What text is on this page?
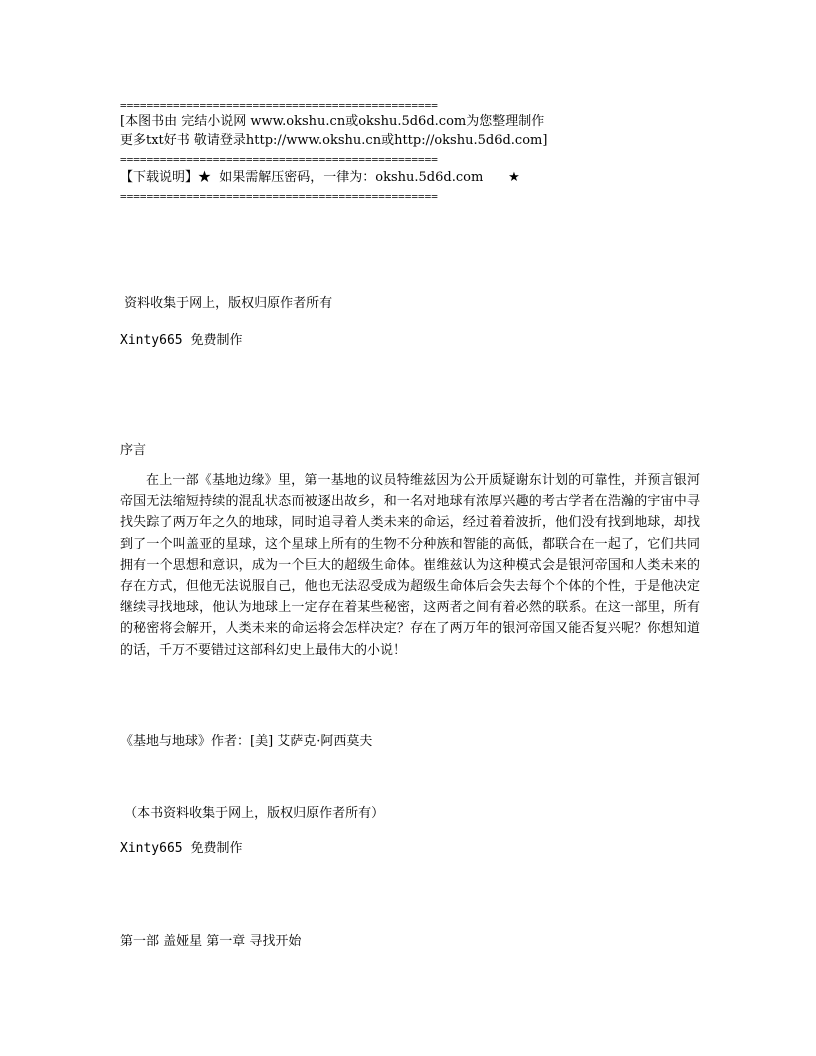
================================================
[本图书由 完结小说网 www.okshu.cn或okshu.5d6d.com为您整理制作
更多txt好书 敬请登录http://www.okshu.cn或http://okshu.5d6d.com]
================================================
【下载说明】★  如果需解压密码，一律为：okshu.5d6d.com      ★
================================================
资料收集于网上，版权归原作者所有
Xinty665 免费制作
序言
在上一部《基地边缘》里，第一基地的议员特维兹因为公开质疑谢东计划的可靠性，并预言银河帝国无法缩短持续的混乱状态而被逐出故乡，和一名对地球有浓厚兴趣的考古学者在浩瀚的宇宙中寻找失踪了两万年之久的地球，同时追寻着人类未来的命运，经过着着波折，他们没有找到地球，却找到了一个叫盖亚的星球，这个星球上所有的生物不分种族和智能的高低，都联合在一起了，它们共同拥有一个思想和意识，成为一个巨大的超级生命体。崔维兹认为这种模式会是银河帝国和人类未来的存在方式，但他无法说服自己，他也无法忍受成为超级生命体后会失去每个个体的个性，于是他决定继续寻找地球，他认为地球上一定存在着某些秘密，这两者之间有着必然的联系。在这一部里，所有的秘密将会解开，人类未来的命运将会怎样决定？存在了两万年的银河帝国又能否复兴呢？你想知道的话，千万不要错过这部科幻史上最伟大的小说！
《基地与地球》作者：[美] 艾萨克·阿西莫夫
（本书资料收集于网上，版权归原作者所有）
Xinty665 免费制作
第一部 盖娅星 第一章 寻找开始
